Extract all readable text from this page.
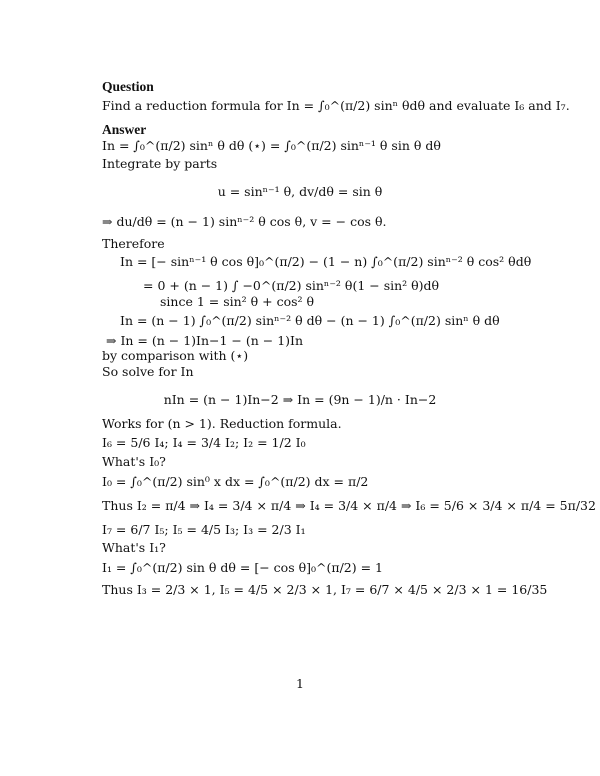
Question
Find a reduction formula for In = ∫₀^(π/2) sinⁿ θdθ and evaluate I₆ and I₇.
Answer
In = ∫₀^(π/2) sinⁿ θ dθ (⋆) = ∫₀^(π/2) sinⁿ⁻¹ θ sin θ dθ
Integrate by parts
u = sinⁿ⁻¹ θ, dv/dθ = sin θ
⇒ du/dθ = (n − 1) sinⁿ⁻² θ cos θ, v = − cos θ.
Therefore
In = [− sinⁿ⁻¹ θ cos θ]₀^(π/2) − (1 − n) ∫₀^(π/2) sinⁿ⁻² θ cos² θdθ
= 0 + (n − 1) ∫ −0^(π/2) sinⁿ⁻² θ(1 − sin² θ)dθ
since 1 = sin² θ + cos² θ
In = (n − 1) ∫₀^(π/2) sinⁿ⁻² θ dθ − (n − 1) ∫₀^(π/2) sinⁿ θ dθ
⇒ In = (n − 1)In−1 − (n − 1)In
by comparison with (⋆)
So solve for In
nIn = (n − 1)In−2 ⇒ In = (9n − 1)/n · In−2
Works for (n > 1). Reduction formula.
I₆ = 5/6 I₄; I₄ = 3/4 I₂; I₂ = 1/2 I₀
What's I₀?
I₀ = ∫₀^(π/2) sin⁰ x dx = ∫₀^(π/2) dx = π/2
Thus I₂ = π/4 ⇒ I₄ = 3/4 × π/4 ⇒ I₄ = 3/4 × π/4 ⇒ I₆ = 5/6 × 3/4 × π/4 = 5π/32
I₇ = 6/7 I₅; I₅ = 4/5 I₃; I₃ = 2/3 I₁
What's I₁?
I₁ = ∫₀^(π/2) sin θ dθ = [− cos θ]₀^(π/2) = 1
Thus I₃ = 2/3 × 1, I₅ = 4/5 × 2/3 × 1, I₇ = 6/7 × 4/5 × 2/3 × 1 = 16/35
1
